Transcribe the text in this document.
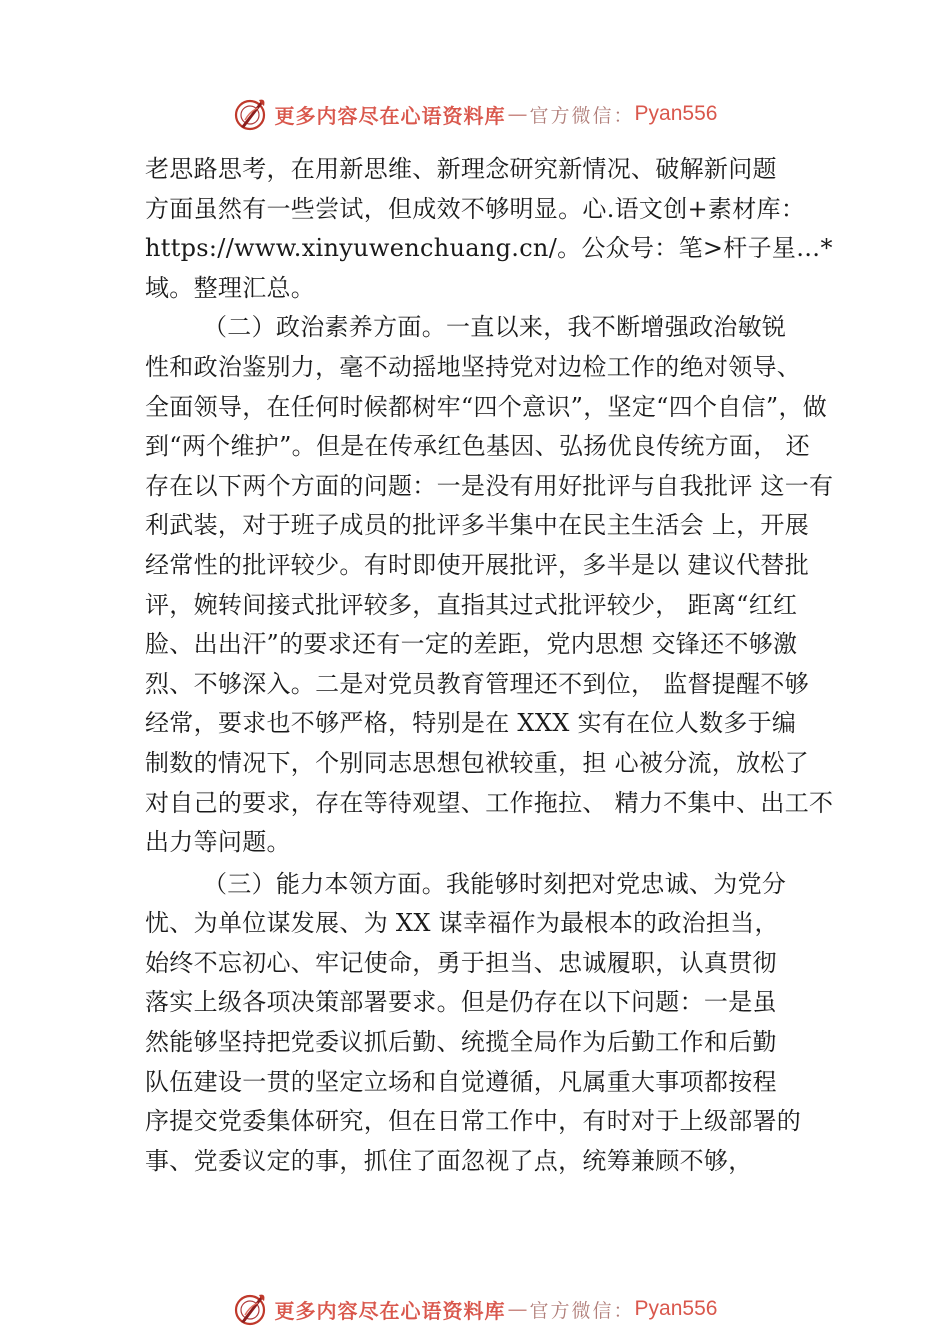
更多内容尽在心语资料库 — 官方微信： Pyan556
老思路思考，在用新思维、新理念研究新情况、破解新问题
方面虽然有一些尝试，但成效不够明显。心.语文创+素材库：
https://www.xinyuwenchuang.cn/。公众号：笔>杆子星…*
域。整理汇总。
（二）政治素养方面。一直以来，我不断增强政治敏锐
性和政治鉴别力，毫不动摇地坚持党对边检工作的绝对领导、
全面领导，在任何时候都树牢“四个意识”，坚定“四个自信”，做
到“两个维护”。但是在传承红色基因、弘扬优良传统方面， 还
存在以下两个方面的问题：一是没有用好批评与自我批评 这一有
利武装，对于班子成员的批评多半集中在民主生活会 上，开展
经常性的批评较少。有时即使开展批评，多半是以 建议代替批
评，婉转间接式批评较多，直指其过式批评较少， 距离“红红
脸、出出汗”的要求还有一定的差距，党内思想 交锋还不够激
烈、不够深入。二是对党员教育管理还不到位， 监督提醒不够
经常，要求也不够严格，特别是在 XXX 实有在位人数多于编
制数的情况下，个别同志思想包袱较重，担 心被分流，放松了
对自己的要求，存在等待观望、工作拖拉、 精力不集中、出工不
出力等问题。
（三）能力本领方面。我能够时刻把对党忠诚、为党分
忧、为单位谋发展、为 XX 谋幸福作为最根本的政治担当，
始终不忘初心、牢记使命，勇于担当、忠诚履职，认真贯彻
落实上级各项决策部署要求。但是仍存在以下问题：一是虽
然能够坚持把党委议抓后勤、统揽全局作为后勤工作和后勤
队伍建设一贯的坚定立场和自觉遵循，凡属重大事项都按程
序提交党委集体研究，但在日常工作中，有时对于上级部署的
事、党委议定的事，抓住了面忽视了点，统筹兼顾不够，
更多内容尽在心语资料库 — 官方微信： Pyan556
